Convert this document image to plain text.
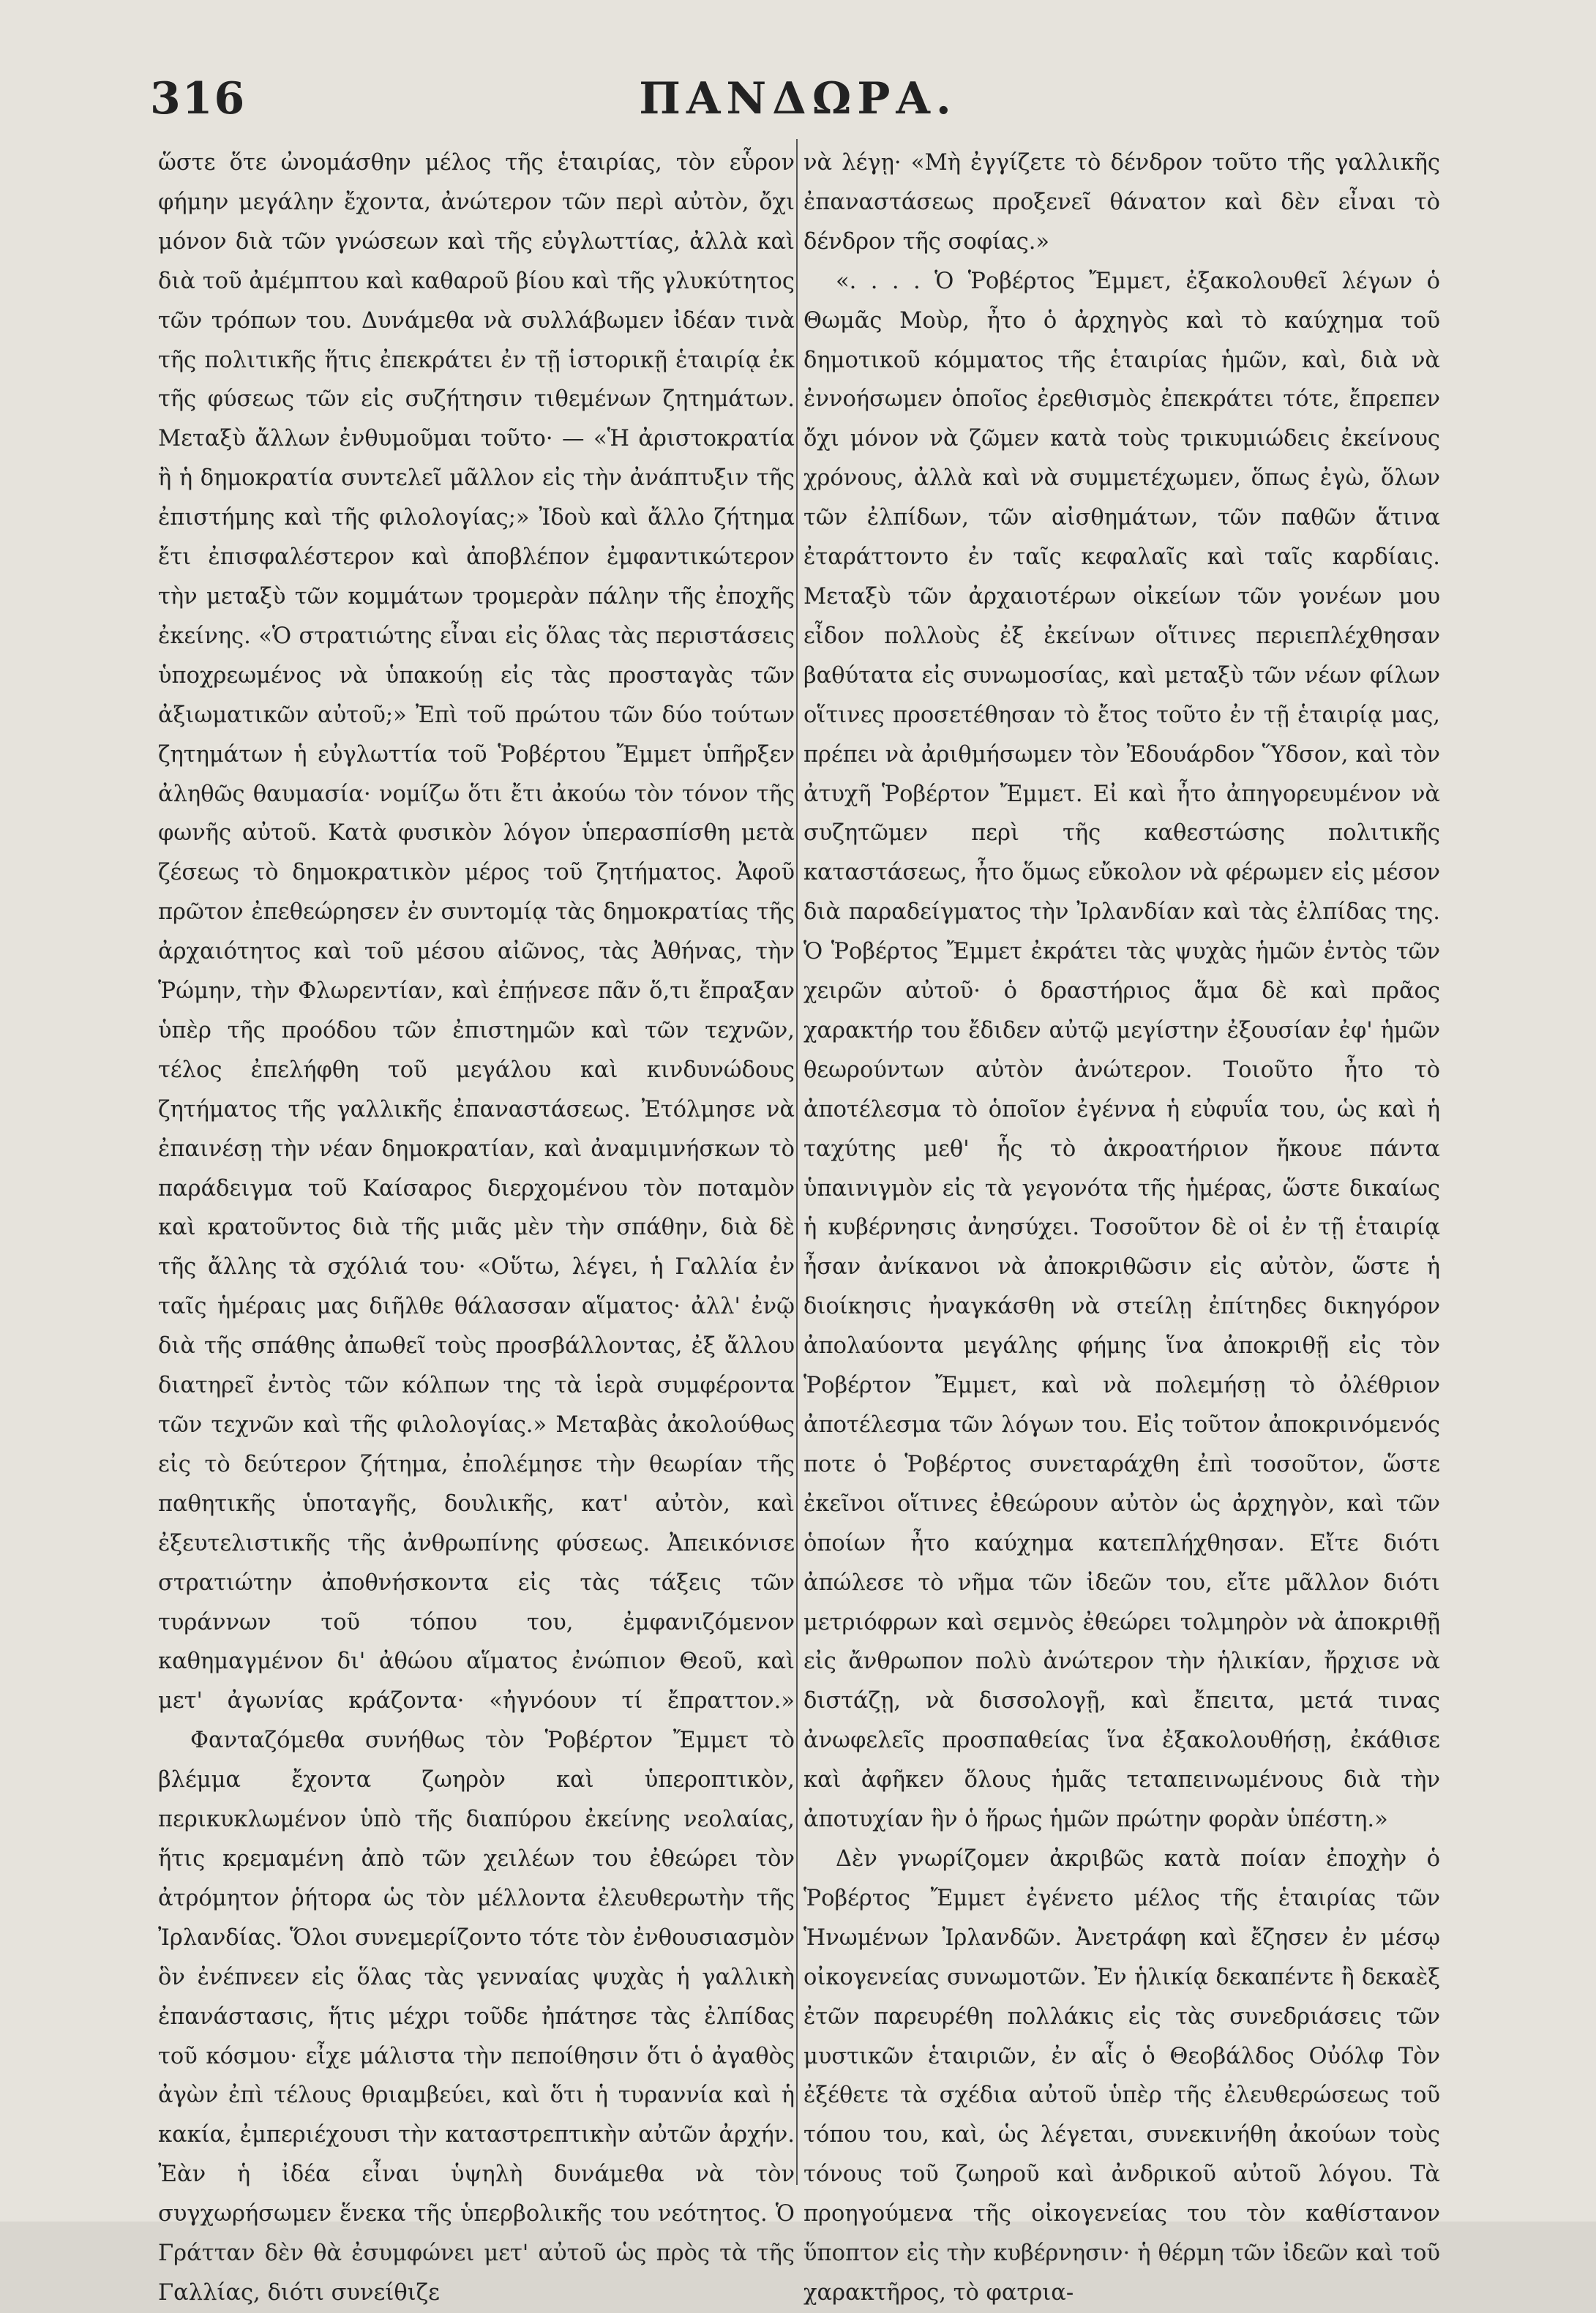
316	ΠΑΝΔΩΡΑ.

ὥστε ὅτε ὠνομάσθην μέλος τῆς ἑταιρίας, τὸν εὗρον φήμην μεγάλην ἔχοντα, ἀνώτερον τῶν περὶ αὐτὸν, ὄχι μόνον διὰ τῶν γνώσεων καὶ τῆς εὐγλωττίας, ἀλλὰ καὶ διὰ τοῦ ἀμέμπτου καὶ καθαροῦ βίου καὶ τῆς γλυκύτητος τῶν τρόπων του. Δυνάμεθα νὰ συλλάβωμεν ἰδέαν τινὰ τῆς πολιτικῆς ἥτις ἐπεκράτει ἐν τῇ ἱστορικῇ ἑταιρίᾳ ἐκ τῆς φύσεως τῶν εἰς συζήτησιν τιθεμένων ζητημάτων. Μεταξὺ ἄλλων ἐνθυμοῦμαι τοῦτο· — «Ἡ ἀριστοκρατία ἢ ἡ δημοκρατία συντελεῖ μᾶλλον εἰς τὴν ἀνάπτυξιν τῆς ἐπιστήμης καὶ τῆς φιλολογίας;» Ἰδοὺ καὶ ἄλλο ζήτημα ἔτι ἐπισφαλέστερον καὶ ἀποβλέπον ἐμφαντικώτερον τὴν μεταξὺ τῶν κομμάτων τρομερὰν πάλην τῆς ἐποχῆς ἐκείνης. «Ὁ στρατιώτης εἶναι εἰς ὅλας τὰς περιστάσεις ὑποχρεωμένος νὰ ὑπακούῃ εἰς τὰς προσταγὰς τῶν ἀξιωματικῶν αὐτοῦ;» Ἐπὶ τοῦ πρώτου τῶν δύο τούτων ζητημάτων ἡ εὐγλωττία τοῦ Ῥοβέρτου Ἔμμετ ὑπῆρξεν ἀληθῶς θαυμασία· νομίζω ὅτι ἔτι ἀκούω τὸν τόνον τῆς φωνῆς αὐτοῦ. Κατὰ φυσικὸν λόγον ὑπερασπίσθη μετὰ ζέσεως τὸ δημοκρατικὸν μέρος τοῦ ζητήματος. Ἀφοῦ πρῶτον ἐπεθεώρησεν ἐν συντομίᾳ τὰς δημοκρατίας τῆς ἀρχαιότητος καὶ τοῦ μέσου αἰῶνος, τὰς Ἀθήνας, τὴν Ῥώμην, τὴν Φλωρεντίαν, καὶ ἐπῄνεσε πᾶν ὅ,τι ἔπραξαν ὑπὲρ τῆς προόδου τῶν ἐπιστημῶν καὶ τῶν τεχνῶν, τέλος ἐπελήφθη τοῦ μεγάλου καὶ κινδυνώδους ζητήματος τῆς γαλλικῆς ἐπαναστάσεως. Ἐτόλμησε νὰ ἐπαινέσῃ τὴν νέαν δημοκρατίαν, καὶ ἀναμιμνήσκων τὸ παράδειγμα τοῦ Καίσαρος διερχομένου τὸν ποταμὸν καὶ κρατοῦντος διὰ τῆς μιᾶς μὲν τὴν σπάθην, διὰ δὲ τῆς ἄλλης τὰ σχόλιά του· «Οὕτω, λέγει, ἡ Γαλλία ἐν ταῖς ἡμέραις μας διῆλθε θάλασσαν αἵματος· ἀλλ' ἐνῷ διὰ τῆς σπάθης ἀπωθεῖ τοὺς προσβάλλοντας, ἐξ ἄλλου διατηρεῖ ἐντὸς τῶν κόλπων της τὰ ἱερὰ συμφέροντα τῶν τεχνῶν καὶ τῆς φιλολογίας.» Μεταβὰς ἀκολούθως εἰς τὸ δεύτερον ζήτημα, ἐπολέμησε τὴν θεωρίαν τῆς παθητικῆς ὑποταγῆς, δουλικῆς, κατ' αὐτὸν, καὶ ἐξευτελιστικῆς τῆς ἀνθρωπίνης φύσεως. Ἀπεικόνισε στρατιώτην ἀποθνήσκοντα εἰς τὰς τάξεις τῶν τυράννων τοῦ τόπου του, ἐμφανιζόμενον καθημαγμένον δι' ἀθώου αἵματος ἐνώπιον Θεοῦ, καὶ μετ' ἀγωνίας κράζοντα· «ἠγνόουν τί ἔπραττον.»

Φανταζόμεθα συνήθως τὸν Ῥοβέρτον Ἔμμετ τὸ βλέμμα ἔχοντα ζωηρὸν καὶ ὑπεροπτικὸν, περικυκλωμένον ὑπὸ τῆς διαπύρου ἐκείνης νεολαίας, ἥτις κρεμαμένη ἀπὸ τῶν χειλέων του ἐθεώρει τὸν ἀτρόμητον ῥήτορα ὡς τὸν μέλλοντα ἐλευθερωτὴν τῆς Ἰρλανδίας. Ὅλοι συνεμερίζοντο τότε τὸν ἐνθουσιασμὸν ὃν ἐνέπνεεν εἰς ὅλας τὰς γενναίας ψυχὰς ἡ γαλλικὴ ἐπανάστασις, ἥτις μέχρι τοῦδε ἠπάτησε τὰς ἐλπίδας τοῦ κόσμου· εἶχε μάλιστα τὴν πεποίθησιν ὅτι ὁ ἀγαθὸς ἀγὼν ἐπὶ τέλους θριαμβεύει, καὶ ὅτι ἡ τυραννία καὶ ἡ κακία, ἐμπεριέχουσι τὴν καταστρεπτικὴν αὐτῶν ἀρχήν. Ἐὰν ἡ ἰδέα εἶναι ὑψηλὴ δυνάμεθα νὰ τὸν συγχωρήσωμεν ἕνεκα τῆς ὑπερβολικῆς του νεότητος. Ὁ Γράτταν δὲν θὰ ἐσυμφώνει μετ' αὐτοῦ ὡς πρὸς τὰ τῆς Γαλλίας, διότι συνείθιζε

νὰ λέγῃ· «Μὴ ἐγγίζετε τὸ δένδρον τοῦτο τῆς γαλλικῆς ἐπαναστάσεως προξενεῖ θάνατον καὶ δὲν εἶναι τὸ δένδρον τῆς σοφίας.»

«. . . . Ὁ Ῥοβέρτος Ἔμμετ, ἐξακολουθεῖ λέγων ὁ Θωμᾶς Μοὺρ, ἦτο ὁ ἀρχηγὸς καὶ τὸ καύχημα τοῦ δημοτικοῦ κόμματος τῆς ἑταιρίας ἡμῶν, καὶ, διὰ νὰ ἐννοήσωμεν ὁποῖος ἐρεθισμὸς ἐπεκράτει τότε, ἔπρεπεν ὄχι μόνον νὰ ζῶμεν κατὰ τοὺς τρικυμιώδεις ἐκείνους χρόνους, ἀλλὰ καὶ νὰ συμμετέχωμεν, ὅπως ἐγὼ, ὅλων τῶν ἐλπίδων, τῶν αἰσθημάτων, τῶν παθῶν ἅτινα ἐταράττοντο ἐν ταῖς κεφαλαῖς καὶ ταῖς καρδίαις. Μεταξὺ τῶν ἀρχαιοτέρων οἰκείων τῶν γονέων μου εἶδον πολλοὺς ἐξ ἐκείνων οἵτινες περιεπλέχθησαν βαθύτατα εἰς συνωμοσίας, καὶ μεταξὺ τῶν νέων φίλων οἵτινες προσετέθησαν τὸ ἔτος τοῦτο ἐν τῇ ἑταιρίᾳ μας, πρέπει νὰ ἀριθμήσωμεν τὸν Ἐδουάρδον Ὕδσον, καὶ τὸν ἀτυχῆ Ῥοβέρτον Ἔμμετ. Εἰ καὶ ἦτο ἀπηγορευμένον νὰ συζητῶμεν περὶ τῆς καθεστώσης πολιτικῆς καταστάσεως, ἦτο ὅμως εὔκολον νὰ φέρωμεν εἰς μέσον διὰ παραδείγματος τὴν Ἰρλανδίαν καὶ τὰς ἐλπίδας της. Ὁ Ῥοβέρτος Ἔμμετ ἐκράτει τὰς ψυχὰς ἡμῶν ἐντὸς τῶν χειρῶν αὐτοῦ· ὁ δραστήριος ἅμα δὲ καὶ πρᾶος χαρακτήρ του ἔδιδεν αὐτῷ μεγίστην ἐξουσίαν ἐφ' ἡμῶν θεωρούντων αὐτὸν ἀνώτερον. Τοιοῦτο ἦτο τὸ ἀποτέλεσμα τὸ ὁποῖον ἐγέννα ἡ εὐφυΐα του, ὡς καὶ ἡ ταχύτης μεθ' ἧς τὸ ἀκροατήριον ἤκουε πάντα ὑπαινιγμὸν εἰς τὰ γεγονότα τῆς ἡμέρας, ὥστε δικαίως ἡ κυβέρνησις ἀνησύχει. Τοσοῦτον δὲ οἱ ἐν τῇ ἑταιρίᾳ ἦσαν ἀνίκανοι νὰ ἀποκριθῶσιν εἰς αὐτὸν, ὥστε ἡ διοίκησις ἠναγκάσθη νὰ στείλῃ ἐπίτηδες δικηγόρον ἀπολαύοντα μεγάλης φήμης ἵνα ἀποκριθῇ εἰς τὸν Ῥοβέρτον Ἔμμετ, καὶ νὰ πολεμήσῃ τὸ ὀλέθριον ἀποτέλεσμα τῶν λόγων του. Εἰς τοῦτον ἀποκρινόμενός ποτε ὁ Ῥοβέρτος συνεταράχθη ἐπὶ τοσοῦτον, ὥστε ἐκεῖνοι οἵτινες ἐθεώρουν αὐτὸν ὡς ἀρχηγὸν, καὶ τῶν ὁποίων ἦτο καύχημα κατεπλήχθησαν. Εἴτε διότι ἀπώλεσε τὸ νῆμα τῶν ἰδεῶν του, εἴτε μᾶλλον διότι μετριόφρων καὶ σεμνὸς ἐθεώρει τολμηρὸν νὰ ἀποκριθῇ εἰς ἄνθρωπον πολὺ ἀνώτερον τὴν ἡλικίαν, ἤρχισε νὰ διστάζῃ, νὰ δισσολογῇ, καὶ ἔπειτα, μετά τινας ἀνωφελεῖς προσπαθείας ἵνα ἐξακολουθήσῃ, ἐκάθισε καὶ ἀφῆκεν ὅλους ἡμᾶς τεταπεινωμένους διὰ τὴν ἀποτυχίαν ἣν ὁ ἥρως ἡμῶν πρώτην φορὰν ὑπέστη.»

Δὲν γνωρίζομεν ἀκριβῶς κατὰ ποίαν ἐποχὴν ὁ Ῥοβέρτος Ἔμμετ ἐγένετο μέλος τῆς ἑταιρίας τῶν Ἡνωμένων Ἰρλανδῶν. Ἀνετράφη καὶ ἔζησεν ἐν μέσῳ οἰκογενείας συνωμοτῶν. Ἐν ἡλικίᾳ δεκαπέντε ἢ δεκαὲξ ἐτῶν παρευρέθη πολλάκις εἰς τὰς συνεδριάσεις τῶν μυστικῶν ἑταιριῶν, ἐν αἷς ὁ Θεοβάλδος Οὐόλφ Τὸν ἐξέθετε τὰ σχέδια αὐτοῦ ὑπὲρ τῆς ἐλευθερώσεως τοῦ τόπου του, καὶ, ὡς λέγεται, συνεκινήθη ἀκούων τοὺς τόνους τοῦ ζωηροῦ καὶ ἀνδρικοῦ αὐτοῦ λόγου. Τὰ προηγούμενα τῆς οἰκογενείας του τὸν καθίστανον ὕποπτον εἰς τὴν κυβέρνησιν· ἡ θέρμη τῶν ἰδεῶν καὶ τοῦ χαρακτῆρος, τὸ φατρια-
